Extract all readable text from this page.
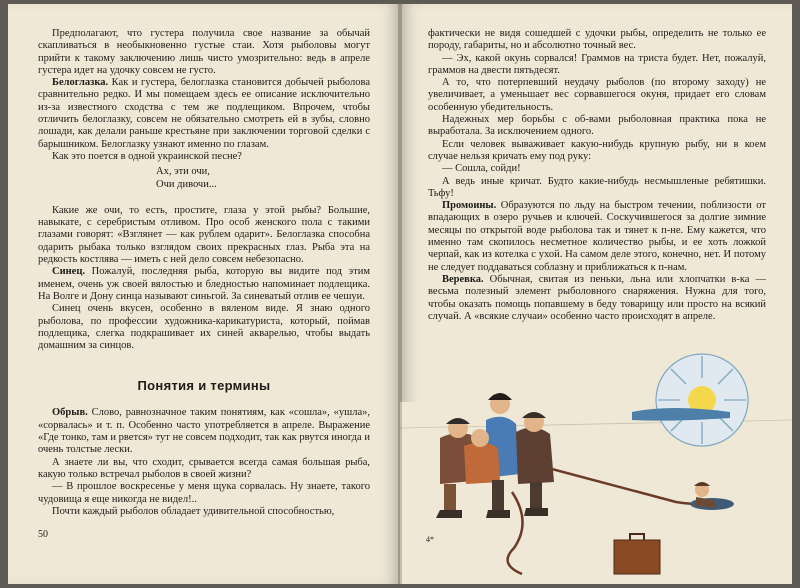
Предполагают, что густера получила свое название за обычай скапливаться в необыкновенно густые стаи. Хотя рыболовы могут прийти к такому заключению лишь чисто умозрительно: ведь в апреле густера идет на удочку совсем не густо.

Белоглазка. Как и густера, белоглазка становится добычей рыболова сравнительно редко. И мы помещаем здесь ее описание исключительно из-за известного сходства с тем же подлещиком. Впрочем, чтобы отличить белоглазку, совсем не обязательно смотреть ей в зубы, словно лошади, как делали раньше крестьяне при заключении торговой сделки с барышником. Белоглазку узнают именно по глазам.

Как это поется в одной украинской песне?

Ах, эти очи,
Очи дивочи...

Какие же очи, то есть, простите, глаза у этой рыбы? Большие, навыкате, с серебристым отливом. Про ocoб женского пола с такими глазами говорят: «Взглянет — как рублем одарит». Белоглазка способна одарить рыбака только взглядом своих прекрасных глаз. Рыба эта на редкость костлява — иметь с ней дело совсем небезопасно.

Синец. Пожалуй, последняя рыба, которую вы видите под этим именем, очень уж своей вялостью и бледностью напоминает подлещика. На Волге и Дону синца называют синьгой. За синеватый отлив ее чешуи.

Синец очень вкусен, особенно в вяленом виде. Я знаю одного рыболова, по профессии художника-карикатуриста, который, поймав подлещика, слегка подкрашивает их синей акварелью, чтобы выдать домашним за синцов.

Понятия и термины

Обрыв. Слово, равнозначное таким понятиям, как «сошла», «ушла», «сорвалась» и т. п. Особенно часто употребляется в апреле. Выражение «Где тонко, там и рвется» тут не совсем подходит, так как рвутся иногда и очень толстые лески.

А знаете ли вы, что сходит, срывается всегда самая большая рыба, какую только встречал рыболов в своей жизни?

— В прошлое воскресенье у меня щука сорвалась. Ну знаете, такого чудовища я еще никогда не видел!..

Почти каждый рыболов обладает удивительной способностью,

50

фактически не видя сошедшей с удочки рыбы, определить не только ее породу, габариты, но и абсолютно точный вес.

— Эх, какой окунь сорвался! Граммов на триста будет. Нет, пожалуй, граммов на двести пятьдесят.

А то, что потерпевший неудачу рыболов (по второму заходу) не увеличивает, а уменьшает вес сорвавшегося окуня, придает его словам особенную убедительность.

Надежных мер борьбы с об-вами рыболовная практика пока не выработала. За исключением одного.

Если человек вываживает какую-нибудь крупную рыбу, ни в коем случае нельзя кричать ему под руку:

— Сошла, сойди!

А ведь иные кричат. Будто какие-нибудь несмышленые ребятишки. Тьфу!

Промоины. Образуются по льду на быстром течении, поблизости от впадающих в озеро ручьев и ключей. Соскучившегося за долгие зимние месяцы по открытой воде рыболова так и тянет к п-не. Ему кажется, что именно там скопилось несметное количество рыбы, и ее хоть ложкой черпай, как из котелка с ухой. На самом деле этого, конечно, нет. И потому не следует поддаваться соблазну и приближаться к п-нам.

Веревка. Обычная, свитая из пеньки, льна или хлопчатки в-ка — весьма полезный элемент рыболовного снаряжения. Нужна для того, чтобы оказать помощь попавшему в беду товарищу или просто на всякий случай. А «всякие случаи» особенно часто происходят в апреле.

4*
